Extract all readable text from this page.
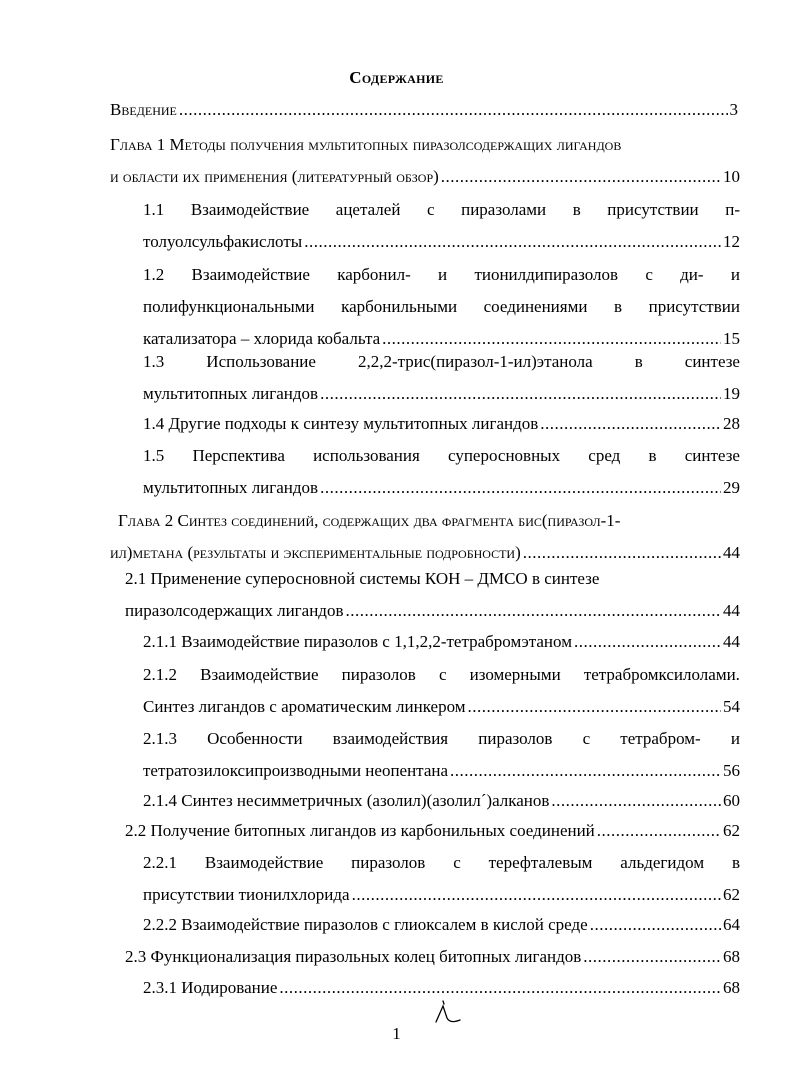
Содержание
Введение .....	3
Глава 1 Методы получения мультитопных пиразолсодержащих лигандов
и области их применения (литературный обзор) .....	10
1.1 Взаимодействие ацеталей с пиразолами в присутствии п-
толуолсульфакислоты .....	12
1.2 Взаимодействие карбонил- и тионилдипиразолов с ди- и
полифункциональными карбонильными соединениями в присутствии
катализатора – хлорида кобальта .....	15
1.3 Использование 2,2,2-трис(пиразол-1-ил)этанола в синтезе
мультитопных лигандов .....	19
1.4 Другие подходы к синтезу мультитопных лигандов .....	28
1.5 Перспектива использования суперосновных сред в синтезе
мультитопных лигандов .....	29
Глава 2 Синтез соединений, содержащих два фрагмента бис(пиразол-1-
ил)метана (результаты и экспериментальные подробности) .....	44
2.1 Применение суперосновной системы КОН – ДМСО в синтезе
пиразолсодержащих лигандов .....	44
2.1.1 Взаимодействие пиразолов с 1,1,2,2-тетрабромэтаном .....	44
2.1.2 Взаимодействие пиразолов с изомерными тетрабромксилолами.
Синтез лигандов с ароматическим линкером .....	54
2.1.3 Особенности взаимодействия пиразолов с тетрабром- и
тетратозилоксипроизводными неопентана .....	56
2.1.4 Синтез несимметричных (азолил)(азолил´)алканов .....	60
2.2 Получение битопных лигандов из карбонильных соединений .....	62
2.2.1 Взаимодействие пиразолов с терефталевым альдегидом в
присутствии тионилхлорида .....	62
2.2.2 Взаимодействие пиразолов с глиоксалем в кислой среде .....	64
2.3 Функционализация пиразольных колец битопных лигандов .....	68
2.3.1 Иодирование .....	68
1
